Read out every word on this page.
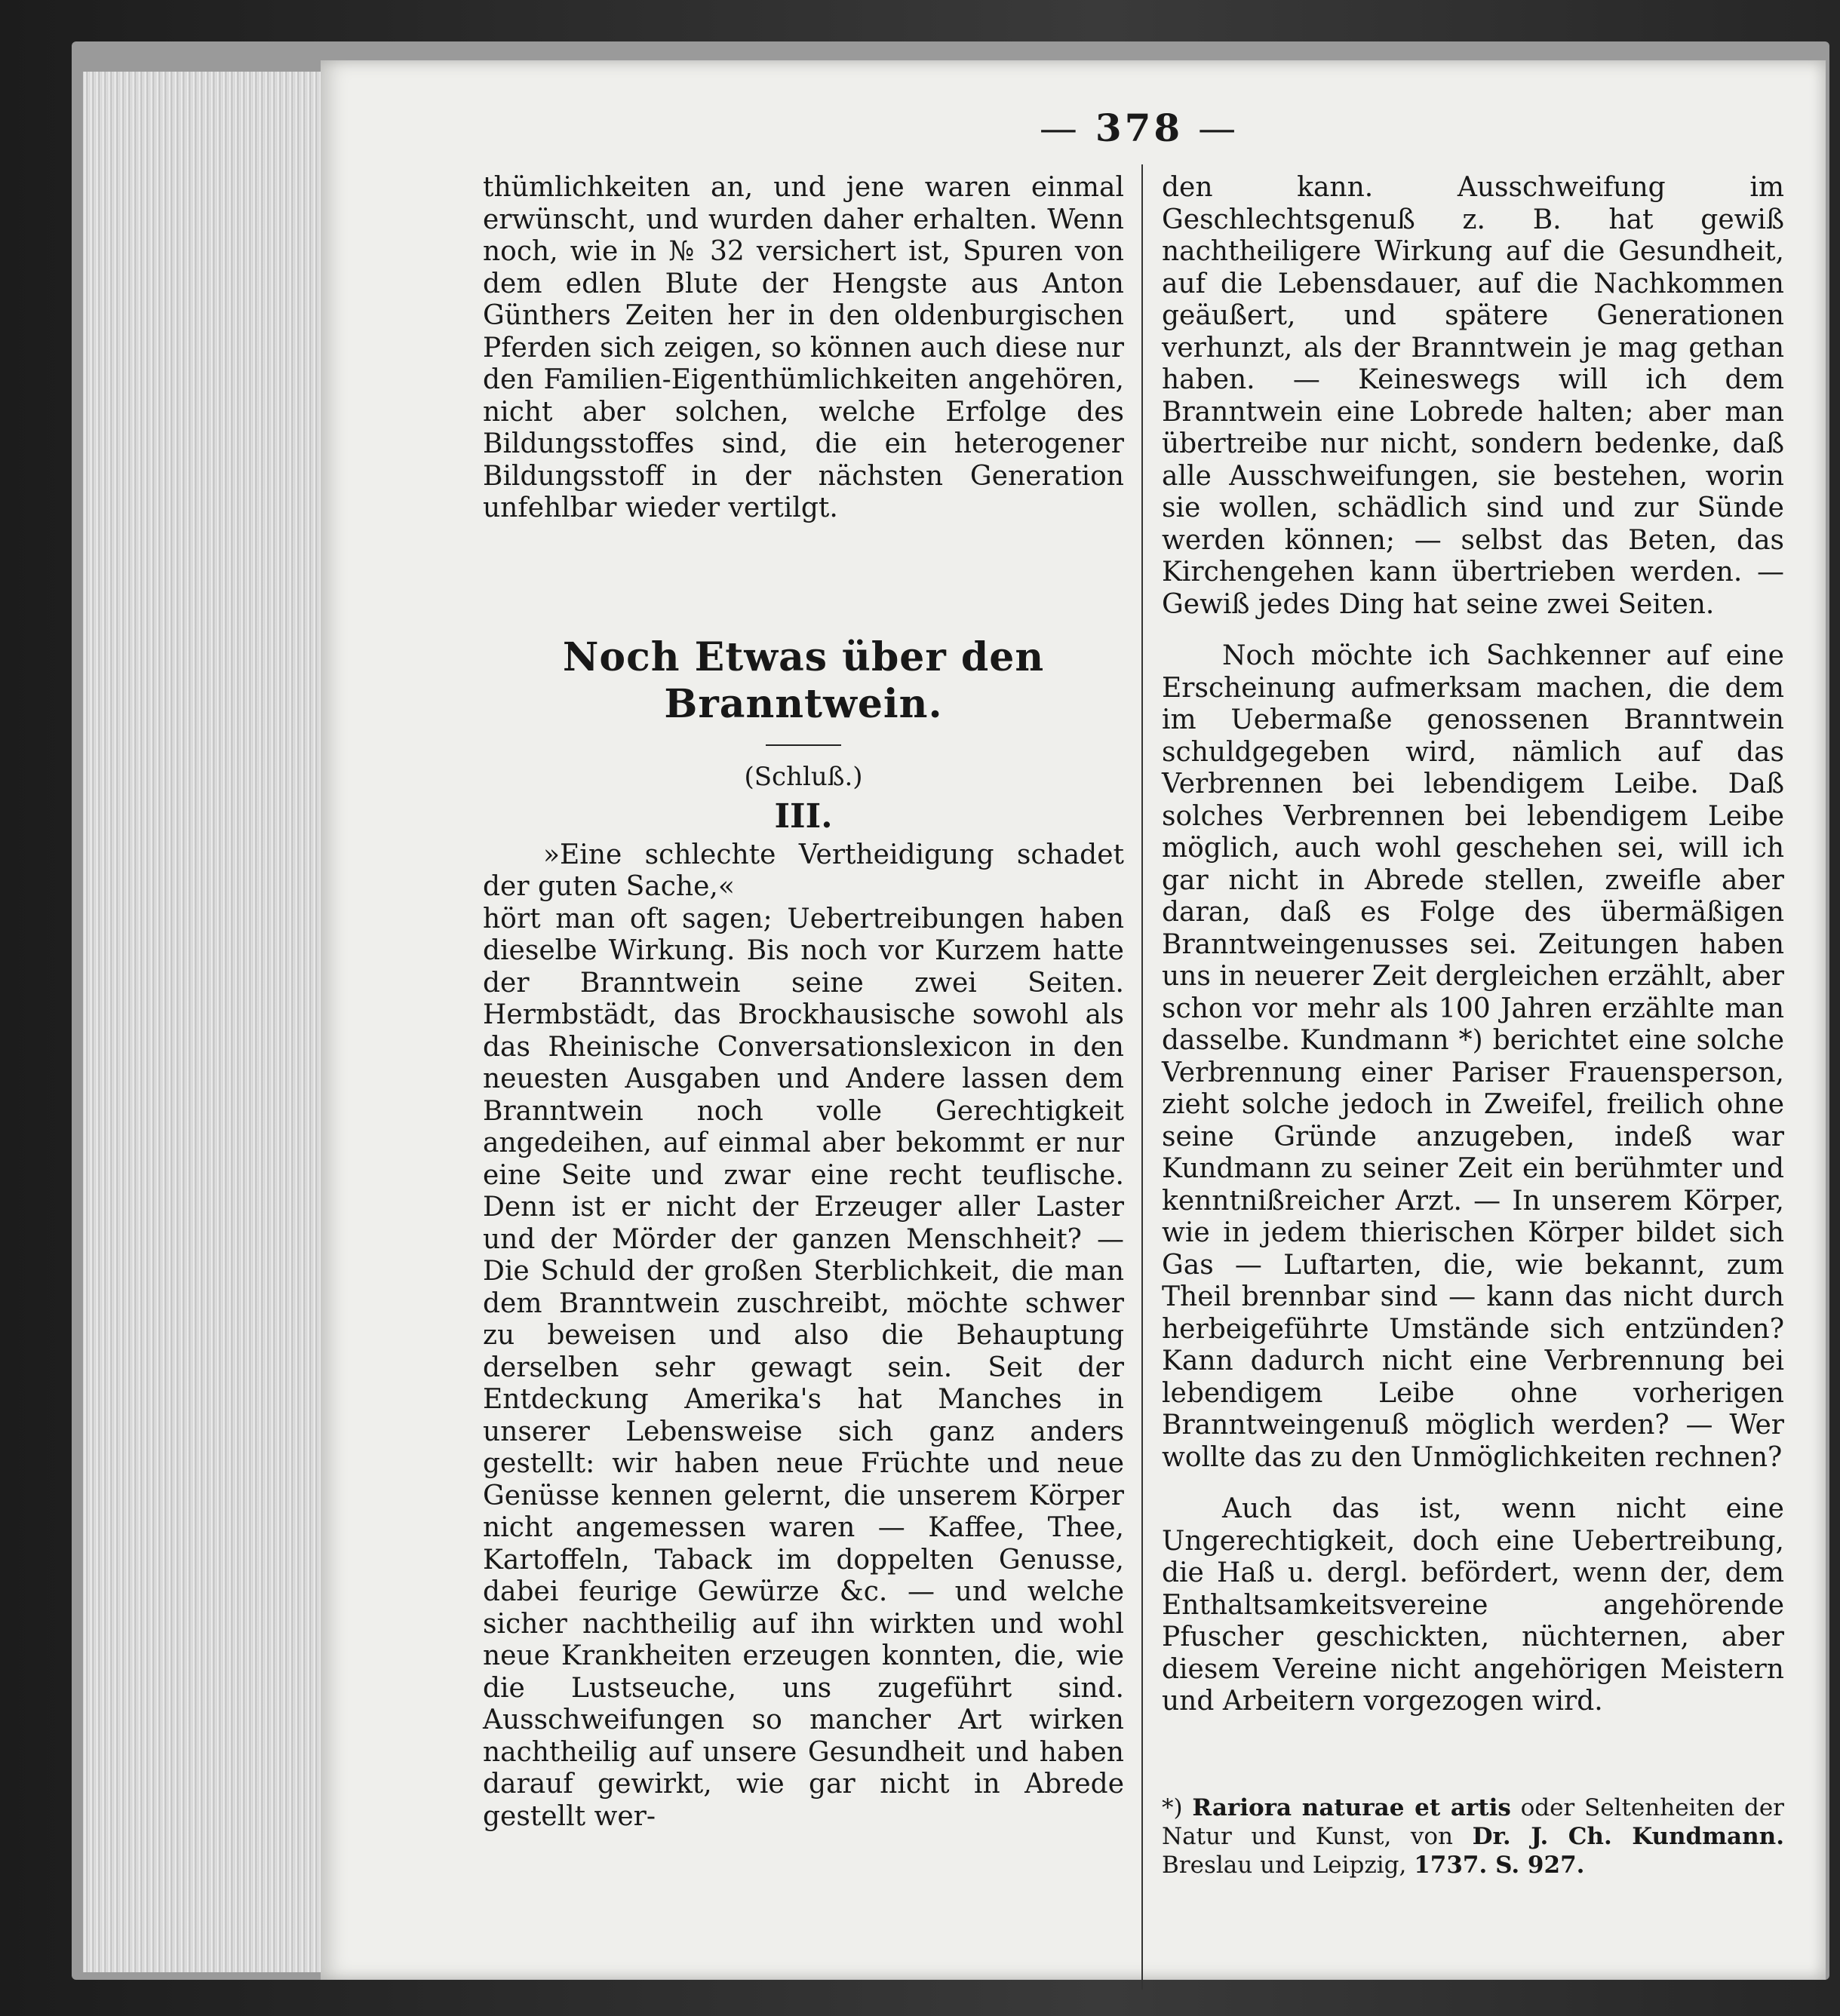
— 378 —

thümlichkeiten an, und jene waren einmal erwünscht, und wurden daher erhalten. Wenn noch, wie in № 32 versichert ist, Spuren von dem edlen Blute der Hengste aus Anton Günthers Zeiten her in den oldenburgischen Pferden sich zeigen, so können auch diese nur den Familien-Eigenthümlichkeiten angehören, nicht aber solchen, welche Erfolge des Bildungsstoffes sind, die ein heterogener Bildungsstoff in der nächsten Generation unfehlbar wieder vertilgt.

Noch Etwas über den Branntwein.

(Schluß.)

III.

»Eine schlechte Vertheidigung schadet der guten Sache,«

hört man oft sagen; Uebertreibungen haben dieselbe Wirkung. Bis noch vor Kurzem hatte der Branntwein seine zwei Seiten. Hermbstädt, das Brockhausische sowohl als das Rheinische Conversationslexicon in den neuesten Ausgaben und Andere lassen dem Branntwein noch volle Gerechtigkeit angedeihen, auf einmal aber bekommt er nur eine Seite und zwar eine recht teuflische. Denn ist er nicht der Erzeuger aller Laster und der Mörder der ganzen Menschheit? — Die Schuld der großen Sterblichkeit, die man dem Branntwein zuschreibt, möchte schwer zu beweisen und also die Behauptung derselben sehr gewagt sein. Seit der Entdeckung Amerika's hat Manches in unserer Lebensweise sich ganz anders gestellt: wir haben neue Früchte und neue Genüsse kennen gelernt, die unserem Körper nicht angemessen waren — Kaffee, Thee, Kartoffeln, Taback im doppelten Genusse, dabei feurige Gewürze &c. — und welche sicher nachtheilig auf ihn wirkten und wohl neue Krankheiten erzeugen konnten, die, wie die Lustseuche, uns zugeführt sind. Ausschweifungen so mancher Art wirken nachtheilig auf unsere Gesundheit und haben darauf gewirkt, wie gar nicht in Abrede gestellt wer-

den kann. Ausschweifung im Geschlechtsgenuß z. B. hat gewiß nachtheiligere Wirkung auf die Gesundheit, auf die Lebensdauer, auf die Nachkommen geäußert, und spätere Generationen verhunzt, als der Branntwein je mag gethan haben. — Keineswegs will ich dem Branntwein eine Lobrede halten; aber man übertreibe nur nicht, sondern bedenke, daß alle Ausschweifungen, sie bestehen, worin sie wollen, schädlich sind und zur Sünde werden können; — selbst das Beten, das Kirchengehen kann übertrieben werden. — Gewiß jedes Ding hat seine zwei Seiten.

Noch möchte ich Sachkenner auf eine Erscheinung aufmerksam machen, die dem im Uebermaße genossenen Branntwein schuldgegeben wird, nämlich auf das Verbrennen bei lebendigem Leibe. Daß solches Verbrennen bei lebendigem Leibe möglich, auch wohl geschehen sei, will ich gar nicht in Abrede stellen, zweifle aber daran, daß es Folge des übermäßigen Branntweingenusses sei. Zeitungen haben uns in neuerer Zeit dergleichen erzählt, aber schon vor mehr als 100 Jahren erzählte man dasselbe. Kundmann *) berichtet eine solche Verbrennung einer Pariser Frauensperson, zieht solche jedoch in Zweifel, freilich ohne seine Gründe anzugeben, indeß war Kundmann zu seiner Zeit ein berühmter und kenntnißreicher Arzt. — In unserem Körper, wie in jedem thierischen Körper bildet sich Gas — Luftarten, die, wie bekannt, zum Theil brennbar sind — kann das nicht durch herbeigeführte Umstände sich entzünden? Kann dadurch nicht eine Verbrennung bei lebendigem Leibe ohne vorherigen Branntweingenuß möglich werden? — Wer wollte das zu den Unmöglichkeiten rechnen?

Auch das ist, wenn nicht eine Ungerechtigkeit, doch eine Uebertreibung, die Haß u. dergl. befördert, wenn der, dem Enthaltsamkeitsvereine angehörende Pfuscher geschickten, nüchternen, aber diesem Vereine nicht angehörigen Meistern und Arbeitern vorgezogen wird.

*) Rariora naturae et artis oder Seltenheiten der Natur und Kunst, von Dr. J. Ch. Kundmann. Breslau und Leipzig, 1737. S. 927.
